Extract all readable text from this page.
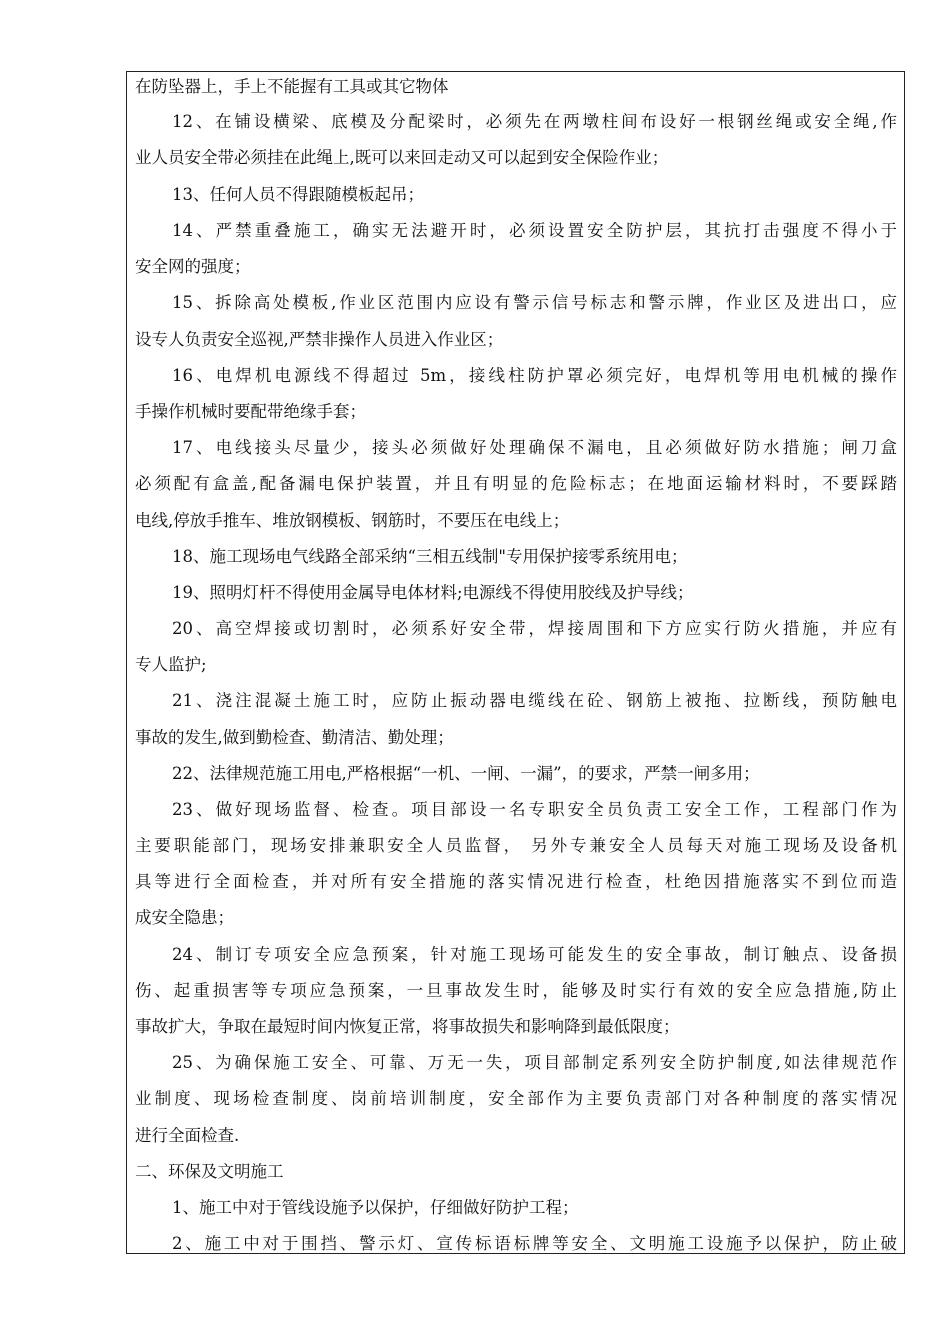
在防坠器上，手上不能握有工具或其它物体
12、在铺设横梁、底模及分配梁时，必须先在两墩柱间布设好一根钢丝绳或安全绳,作
业人员安全带必须挂在此绳上,既可以来回走动又可以起到安全保险作业；
13、任何人员不得跟随模板起吊；
14、严禁重叠施工，确实无法避开时，必须设置安全防护层，其抗打击强度不得小于
安全网的强度；
15、拆除高处模板,作业区范围内应设有警示信号标志和警示牌，作业区及进出口，应
设专人负责安全巡视,严禁非操作人员进入作业区；
16、电焊机电源线不得超过 5m，接线柱防护罩必须完好，电焊机等用电机械的操作
手操作机械时要配带绝缘手套；
17、电线接头尽量少，接头必须做好处理确保不漏电，且必须做好防水措施；闸刀盒
必须配有盒盖,配备漏电保护装置，并且有明显的危险标志；在地面运输材料时，不要踩踏
电线,停放手推车、堆放钢模板、钢筋时，不要压在电线上；
18、施工现场电气线路全部采纳“三相五线制"专用保护接零系统用电；
19、照明灯杆不得使用金属导电体材料;电源线不得使用胶线及护导线；
20、高空焊接或切割时，必须系好安全带，焊接周围和下方应实行防火措施，并应有
专人监护;
21、浇注混凝土施工时，应防止振动器电缆线在砼、钢筋上被拖、拉断线，预防触电
事故的发生,做到勤检查、勤清洁、勤处理；
22、法律规范施工用电,严格根据“一机、一闸、一漏”，的要求，严禁一闸多用；
23、做好现场监督、检查。项目部设一名专职安全员负责工安全工作，工程部门作为
主要职能部门，现场安排兼职安全人员监督， 另外专兼安全人员每天对施工现场及设备机
具等进行全面检查，并对所有安全措施的落实情况进行检查，杜绝因措施落实不到位而造
成安全隐患；
24、制订专项安全应急预案，针对施工现场可能发生的安全事故，制订触点、设备损
伤、起重损害等专项应急预案，一旦事故发生时，能够及时实行有效的安全应急措施,防止
事故扩大，争取在最短时间内恢复正常，将事故损失和影响降到最低限度；
25、为确保施工安全、可靠、万无一失，项目部制定系列安全防护制度,如法律规范作
业制度、现场检查制度、岗前培训制度，安全部作为主要负责部门对各种制度的落实情况
进行全面检查.
二、环保及文明施工
1、施工中对于管线设施予以保护，仔细做好防护工程；
2、施工中对于围挡、警示灯、宣传标语标牌等安全、文明施工设施予以保护，防止破
